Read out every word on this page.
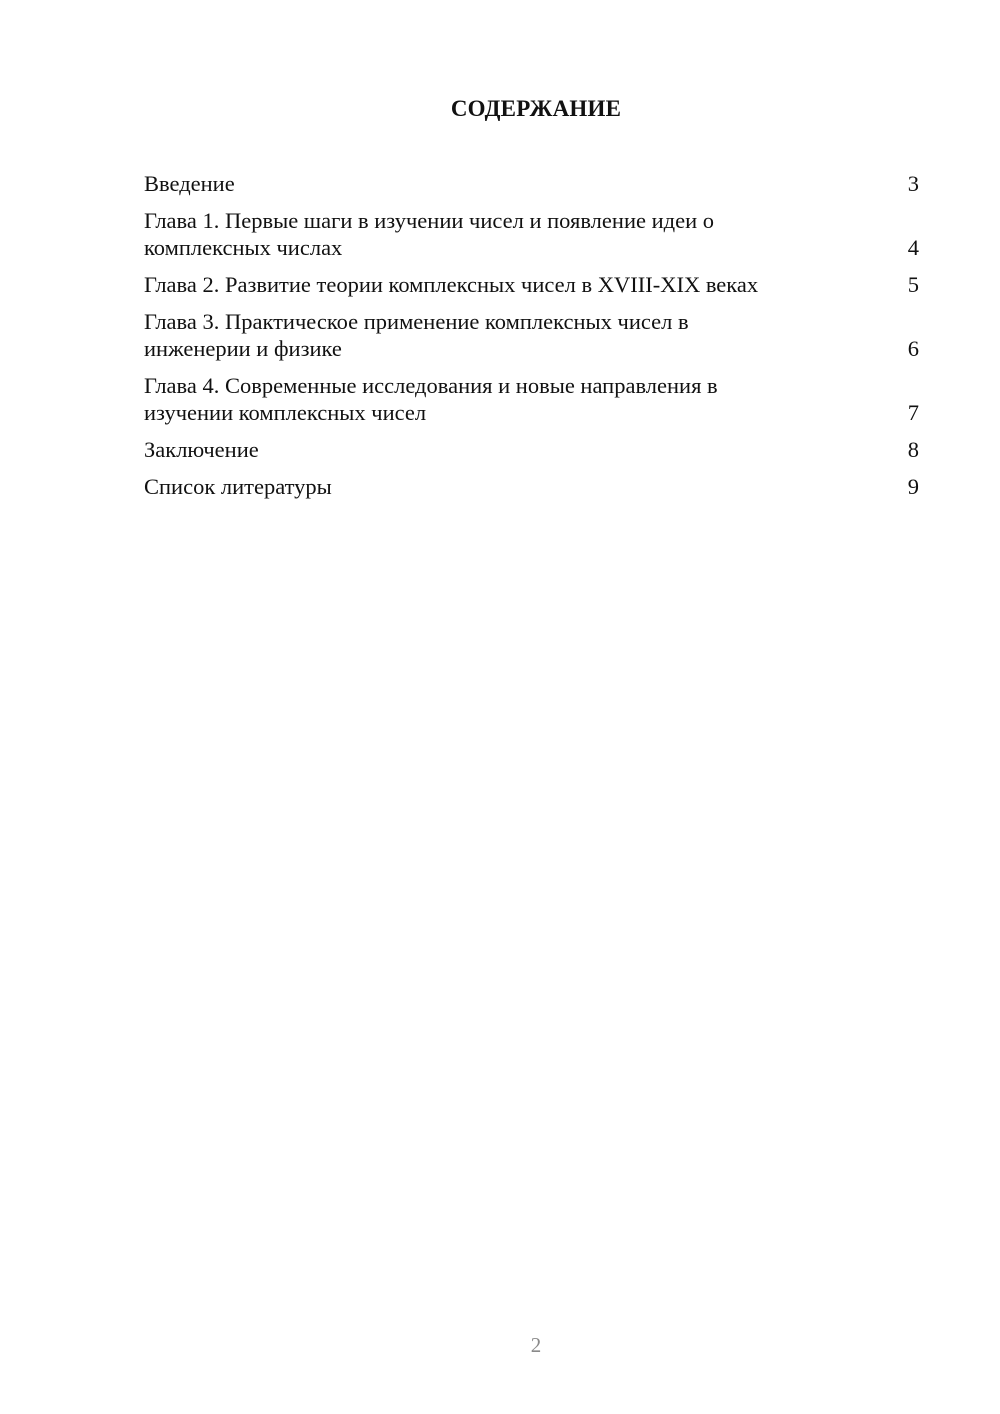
СОДЕРЖАНИЕ
Введение	3
Глава 1. Первые шаги в изучении чисел и появление идеи о комплексных числах	4
Глава 2. Развитие теории комплексных чисел в XVIII-XIX веках	5
Глава 3. Практическое применение комплексных чисел в инженерии и физике	6
Глава 4. Современные исследования и новые направления в изучении комплексных чисел	7
Заключение	8
Список литературы	9
2
